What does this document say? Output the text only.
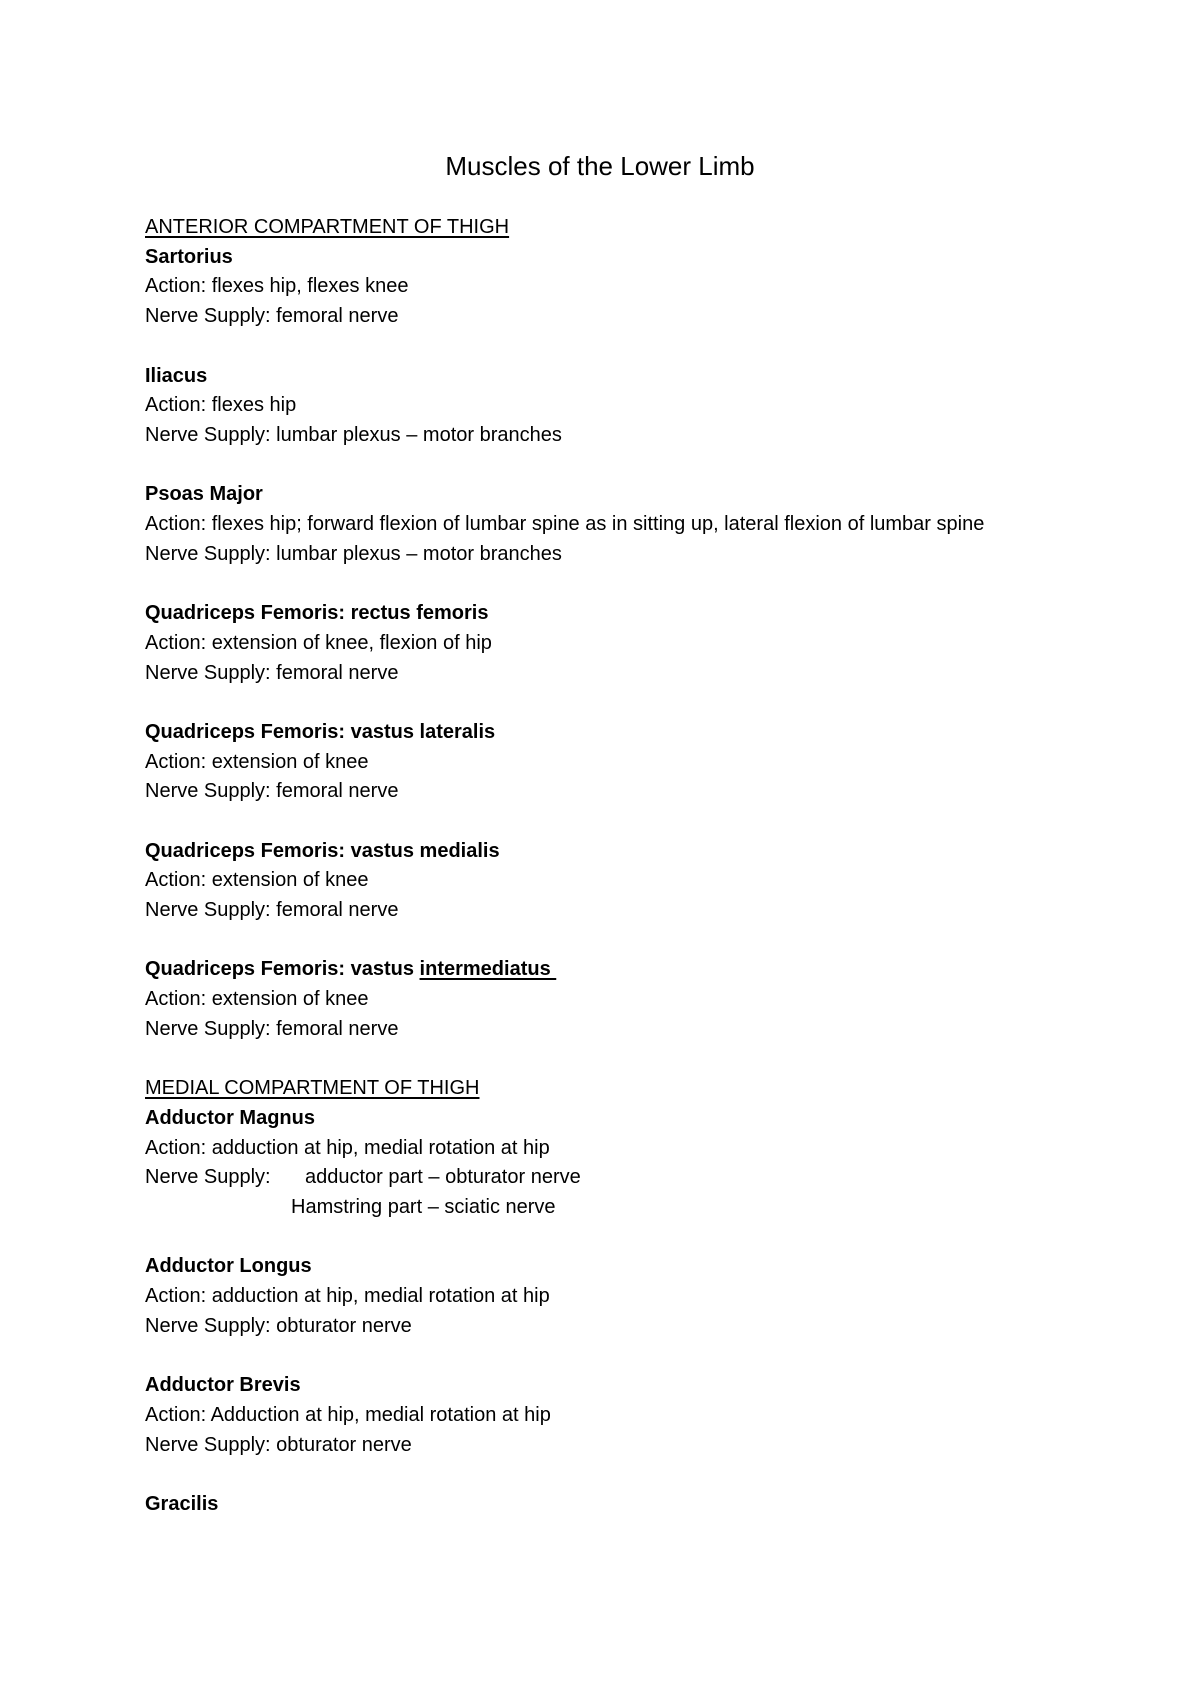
Muscles of the Lower Limb
ANTERIOR COMPARTMENT OF THIGH
Sartorius
Action: flexes hip, flexes knee
Nerve Supply: femoral nerve
Iliacus
Action: flexes hip
Nerve Supply: lumbar plexus – motor branches
Psoas Major
Action: flexes hip; forward flexion of lumbar spine as in sitting up, lateral flexion of lumbar spine
Nerve Supply: lumbar plexus – motor branches
Quadriceps Femoris: rectus femoris
Action: extension of knee, flexion of hip
Nerve Supply: femoral nerve
Quadriceps Femoris: vastus lateralis
Action: extension of knee
Nerve Supply: femoral nerve
Quadriceps Femoris: vastus medialis
Action: extension of knee
Nerve Supply: femoral nerve
Quadriceps Femoris: vastus intermediatus
Action: extension of knee
Nerve Supply: femoral nerve
MEDIAL COMPARTMENT OF THIGH
Adductor Magnus
Action: adduction at hip, medial rotation at hip
Nerve Supply: adductor part – obturator nerve
Hamstring part – sciatic nerve
Adductor Longus
Action: adduction at hip, medial rotation at hip
Nerve Supply: obturator nerve
Adductor Brevis
Action: Adduction at hip, medial rotation at hip
Nerve Supply: obturator nerve
Gracilis
